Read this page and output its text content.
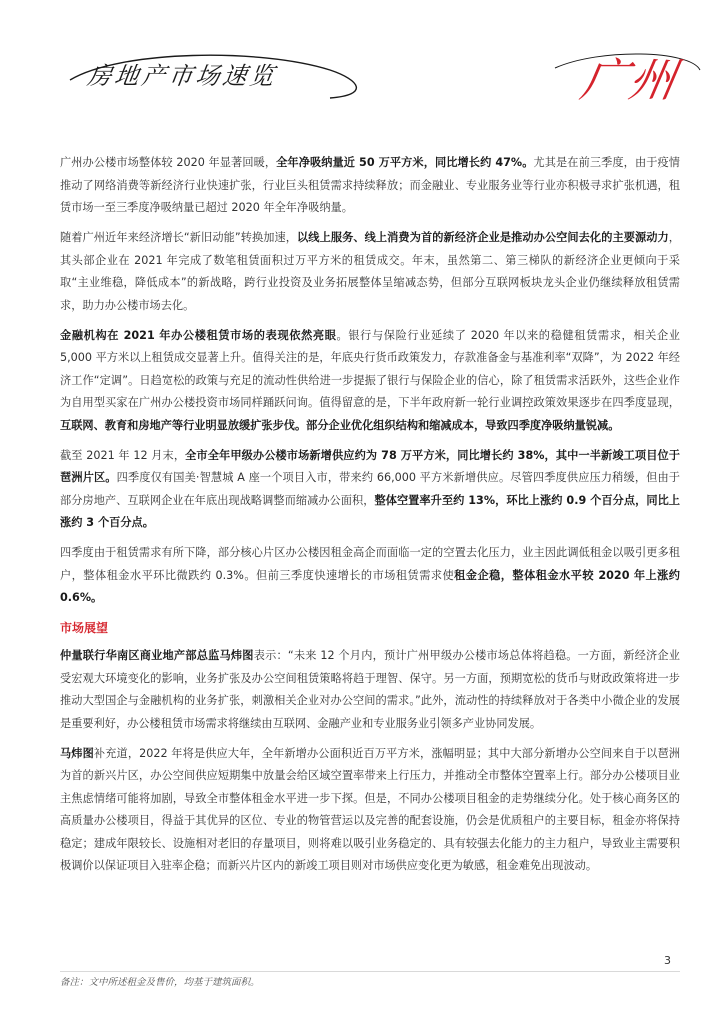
房地产市场速览	广州

广州办公楼市场整体较 2020 年显著回暖，全年净吸纳量近 50 万平方米，同比增长约 47%。尤其是在前三季度，由于疫情推动了网络消费等新经济行业快速扩张，行业巨头租赁需求持续释放；而金融业、专业服务业等行业亦积极寻求扩张机遇，租赁市场一至三季度净吸纳量已超过 2020 年全年净吸纳量。

随着广州近年来经济增长“新旧动能”转换加速，以线上服务、线上消费为首的新经济企业是推动办公空间去化的主要源动力，其头部企业在 2021 年完成了数笔租赁面积过万平方米的租赁成交。年末，虽然第二、第三梯队的新经济企业更倾向于采取“主业维稳，降低成本”的新战略，跨行业投资及业务拓展整体呈缩减态势，但部分互联网板块龙头企业仍继续释放租赁需求，助力办公楼市场去化。

金融机构在 2021 年办公楼租赁市场的表现依然亮眼。银行与保险行业延续了 2020 年以来的稳健租赁需求，相关企业 5,000 平方米以上租赁成交显著上升。值得关注的是，年底央行货币政策发力，存款准备金与基准利率“双降”，为 2022 年经济工作“定调”。日趋宽松的政策与充足的流动性供给进一步提振了银行与保险企业的信心，除了租赁需求活跃外，这些企业作为自用型买家在广州办公楼投资市场同样踊跃问询。值得留意的是，下半年政府新一轮行业调控政策效果逐步在四季度显现，互联网、教育和房地产等行业明显放缓扩张步伐。部分企业优化组织结构和缩减成本，导致四季度净吸纳量锐减。

截至 2021 年 12 月末，全市全年甲级办公楼市场新增供应约为 78 万平方米，同比增长约 38%，其中一半新竣工项目位于琶洲片区。四季度仅有国美·智慧城 A 座一个项目入市，带来约 66,000 平方米新增供应。尽管四季度供应压力稍缓，但由于部分房地产、互联网企业在年底出现战略调整而缩减办公面积，整体空置率升至约 13%，环比上涨约 0.9 个百分点，同比上涨约 3 个百分点。

四季度由于租赁需求有所下降，部分核心片区办公楼因租金高企而面临一定的空置去化压力，业主因此调低租金以吸引更多租户，整体租金水平环比微跌约 0.3%。但前三季度快速增长的市场租赁需求使租金企稳，整体租金水平较 2020 年上涨约 0.6%。

市场展望

仲量联行华南区商业地产部总监马炜图表示：“未来 12 个月内，预计广州甲级办公楼市场总体将趋稳。一方面，新经济企业受宏观大环境变化的影响，业务扩张及办公空间租赁策略将趋于理智、保守。另一方面，预期宽松的货币与财政政策将进一步推动大型国企与金融机构的业务扩张，刺激相关企业对办公空间的需求。”此外，流动性的持续释放对于各类中小微企业的发展是重要利好，办公楼租赁市场需求将继续由互联网、金融产业和专业服务业引领多产业协同发展。

马炜图补充道，2022 年将是供应大年，全年新增办公面积近百万平方米，涨幅明显；其中大部分新增办公空间来自于以琶洲为首的新兴片区，办公空间供应短期集中放量会给区域空置率带来上行压力，并推动全市整体空置率上行。部分办公楼项目业主焦虑情绪可能将加剧，导致全市整体租金水平进一步下探。但是，不同办公楼项目租金的走势继续分化。处于核心商务区的高质量办公楼项目，得益于其优异的区位、专业的物管营运以及完善的配套设施，仍会是优质租户的主要目标，租金亦将保持稳定；建成年限较长、设施相对老旧的存量项目，则将难以吸引业务稳定的、具有较强去化能力的主力租户，导致业主需要积极调价以保证项目入驻率企稳；而新兴片区内的新竣工项目则对市场供应变化更为敏感，租金难免出现波动。

3
备注：文中所述租金及售价，均基于建筑面积。
